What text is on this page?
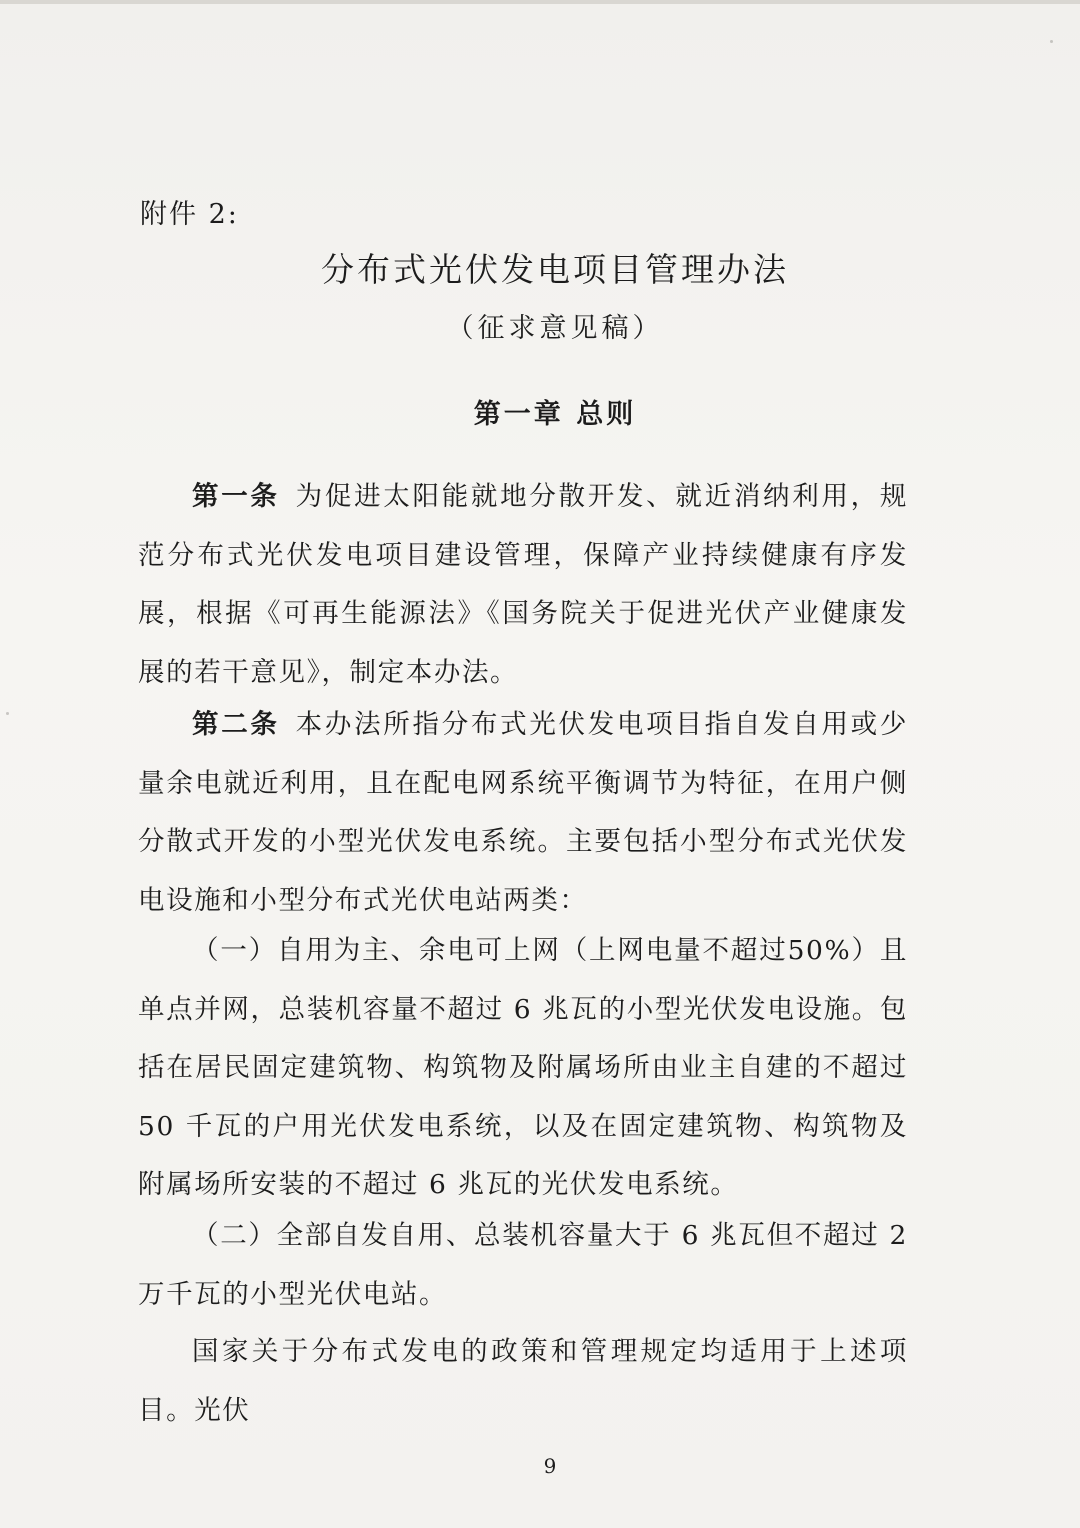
附件 2:
分布式光伏发电项目管理办法
（征求意见稿）
第一章 总则

第一条 为促进太阳能就地分散开发、就近消纳利用，规范分布式光伏发电项目建设管理，保障产业持续健康有序发展，根据《可再生能源法》《国务院关于促进光伏产业健康发展的若干意见》，制定本办法。

第二条 本办法所指分布式光伏发电项目指自发自用或少量余电就近利用，且在配电网系统平衡调节为特征，在用户侧分散式开发的小型光伏发电系统。主要包括小型分布式光伏发电设施和小型分布式光伏电站两类：

（一）自用为主、余电可上网（上网电量不超过50%）且单点并网，总装机容量不超过 6 兆瓦的小型光伏发电设施。包括在居民固定建筑物、构筑物及附属场所由业主自建的不超过 50 千瓦的户用光伏发电系统，以及在固定建筑物、构筑物及附属场所安装的不超过 6 兆瓦的光伏发电系统。

（二）全部自发自用、总装机容量大于 6 兆瓦但不超过 2 万千瓦的小型光伏电站。

国家关于分布式发电的政策和管理规定均适用于上述项目。光伏

9
